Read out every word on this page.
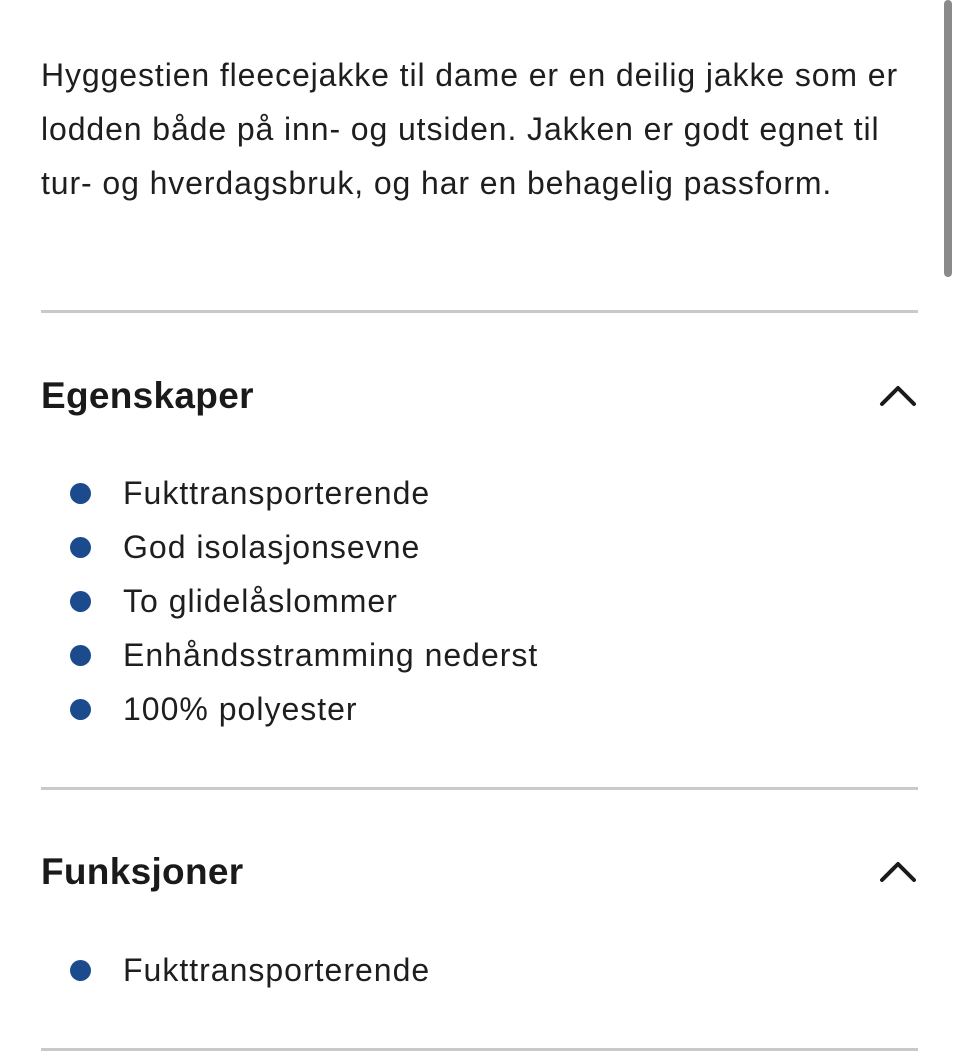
Hyggestien fleecejakke til dame er en deilig jakke som er lodden både på inn- og utsiden. Jakken er godt egnet til tur- og hverdagsbruk, og har en behagelig passform.

Egenskaper
Fukttransporterende
God isolasjonsevne
To glidelåslommer
Enhåndsstramming nederst
100% polyester
Funksjoner
Fukttransporterende
